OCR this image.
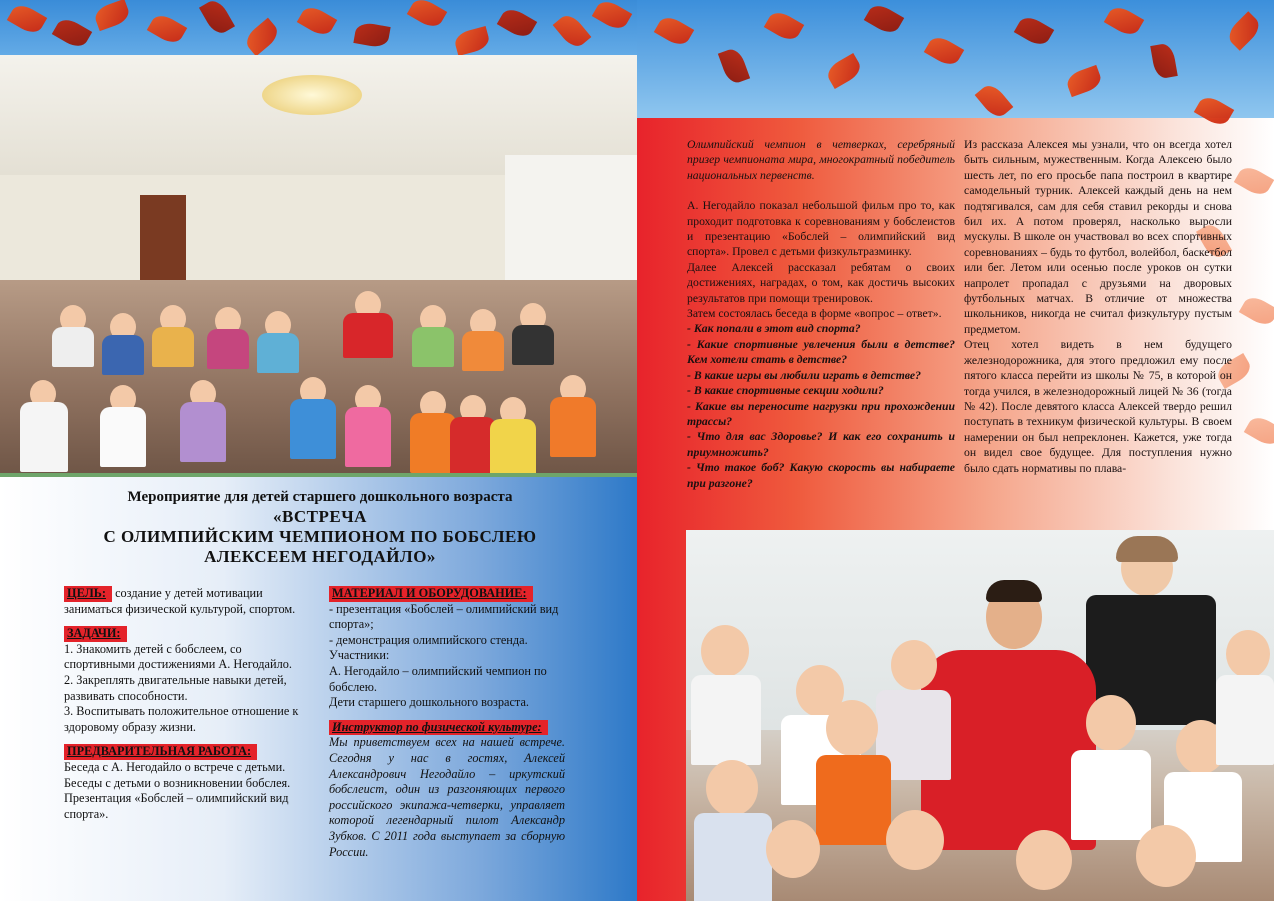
Мероприятие для детей старшего дошкольного возраста
«ВСТРЕЧА
С ОЛИМПИЙСКИМ ЧЕМПИОНОМ ПО БОБСЛЕЮ
АЛЕКСЕЕМ НЕГОДАЙЛО»

ЦЕЛЬ: создание у детей мотивации заниматься физической культурой, спортом.

ЗАДАЧИ:

1. Знакомить детей с бобслеем, со спортивными достижениями А. Негодайло.

2. Закреплять двигательные навыки детей, развивать способности.

3. Воспитывать положительное отношение к здоровому образу жизни.

ПРЕДВАРИТЕЛЬНАЯ РАБОТА:

Беседа с А. Негодайло о встрече с детьми.

Беседы с детьми о возникновении бобслея.

Презентация «Бобслей – олимпийский вид спорта».

МАТЕРИАЛ И ОБОРУДОВАНИЕ:

- презентация «Бобслей – олимпийский вид спорта»;

- демонстрация олимпийского стенда.

Участники:

А. Негодайло – олимпийский чемпион по бобслею.

Дети старшего дошкольного возраста.

Инструктор по физической культуре:

Мы приветствуем всех на нашей встрече. Сегодня у нас в гостях, Алексей Александрович Негодайло – иркутский бобслеист, один из разгоняющих первого российского экипажа-четверки, управляет которой легендарный пилот Александр Зубков. С 2011 года выступает за сборную России.

Олимпийский чемпион в четверках, серебряный призер чемпионата мира, многократный победитель национальных первенств.

А. Негодайло показал небольшой фильм про то, как проходит подготовка к соревнованиям у бобслеистов и презентацию «Бобслей – олимпийский вид спорта». Провел с детьми физкультразминку.

Далее Алексей рассказал ребятам о своих достижениях, наградах, о том, как достичь высоких результатов при помощи тренировок.

Затем состоялась беседа в форме «вопрос – ответ».

- Как попали в этот вид спорта?

- Какие спортивные увлечения были в детстве? Кем хотели стать в детстве?

- В какие игры вы любили играть в детстве?

- В какие спортивные секции ходили?

- Какие вы переносите нагрузки при прохождении трассы?

- Что для вас Здоровье? И как его сохранить и приумножить?

- Что такое боб? Какую скорость вы набираете при разгоне?

Из рассказа Алексея мы узнали, что он всегда хотел быть сильным, мужественным. Когда Алексею было шесть лет, по его просьбе папа построил в квартире самодельный турник. Алексей каждый день на нем подтягивался, сам для себя ставил рекорды и снова бил их. А потом проверял, насколько выросли мускулы. В школе он участвовал во всех спортивных соревнованиях – будь то футбол, волейбол, баскетбол или бег. Летом или осенью после уроков он сутки напролет пропадал с друзьями на дворовых футбольных матчах. В отличие от множества школьников, никогда не считал физкультуру пустым предметом.

Отец хотел видеть в нем будущего железнодорожника, для этого предложил ему после пятого класса перейти из школы № 75, в которой он тогда учился, в железнодорожный лицей № 36 (тогда № 42). После девятого класса Алексей твердо решил поступать в техникум физической культуры. В своем намерении он был непреклонен. Кажется, уже тогда он видел свое будущее. Для поступления нужно было сдать нормативы по плава-
